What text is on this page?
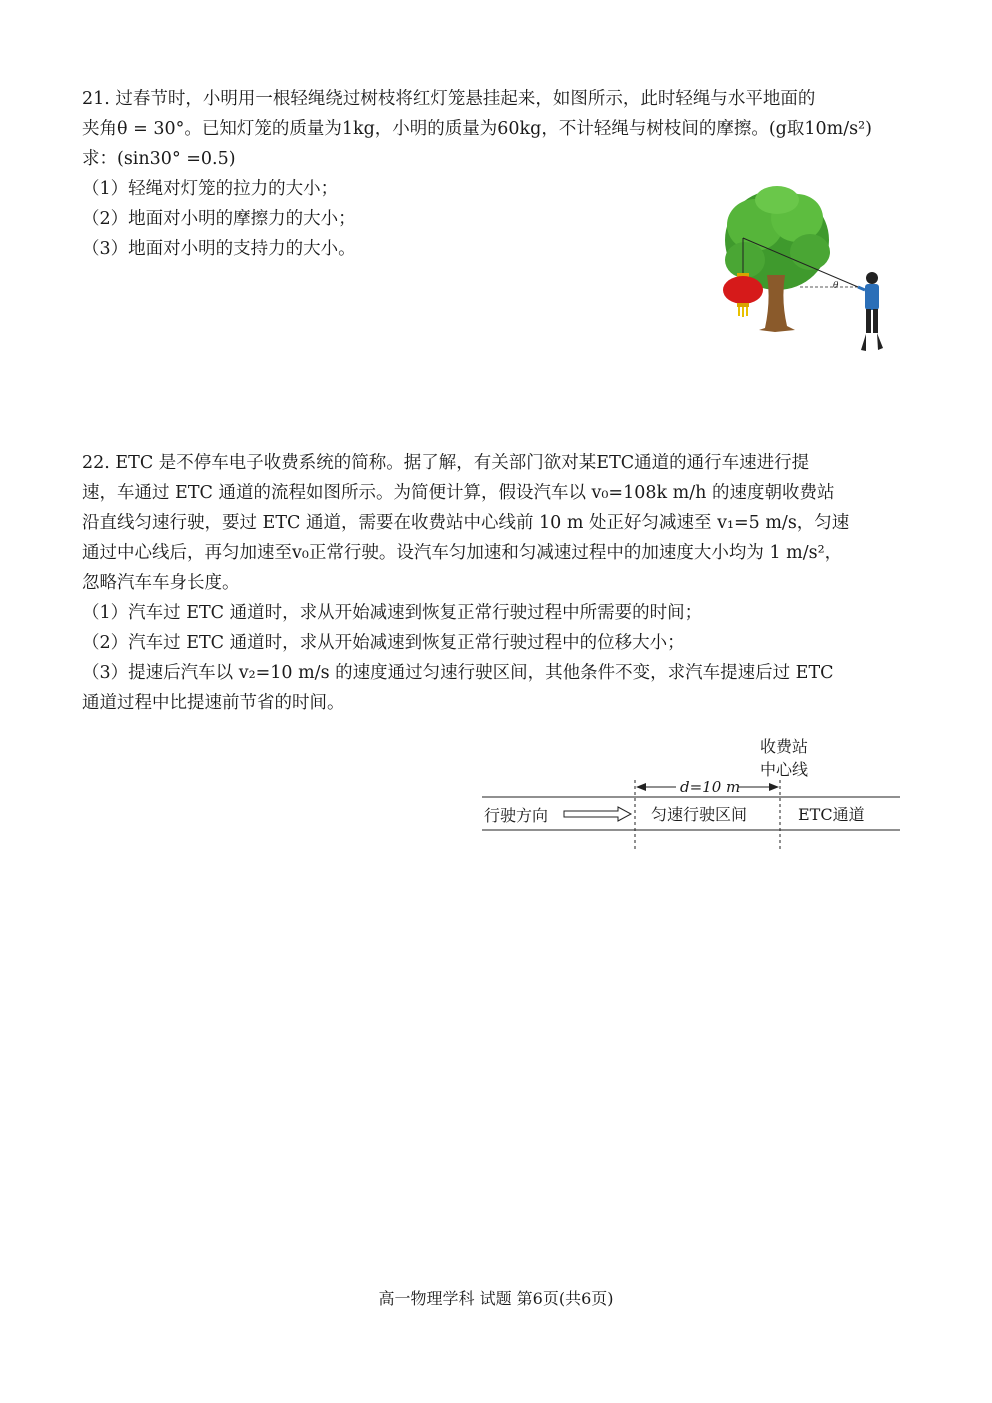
21. 过春节时，小明用一根轻绳绕过树枝将红灯笼悬挂起来，如图所示，此时轻绳与水平地面的
夹角θ = 30°。已知灯笼的质量为1kg，小明的质量为60kg，不计轻绳与树枝间的摩擦。(g取10m/s²)
求：(sin30° =0.5)
（1）轻绳对灯笼的拉力的大小；
（2）地面对小明的摩擦力的大小；
（3）地面对小明的支持力的大小。
θ
22. ETC 是不停车电子收费系统的简称。据了解，有关部门欲对某ETC通道的通行车速进行提
速，车通过 ETC 通道的流程如图所示。为简便计算，假设汽车以 v₀=108k m/h 的速度朝收费站
沿直线匀速行驶，要过 ETC 通道，需要在收费站中心线前 10 m 处正好匀减速至 v₁=5 m/s，匀速
通过中心线后，再匀加速至v₀正常行驶。设汽车匀加速和匀减速过程中的加速度大小均为 1 m/s²，
忽略汽车车身长度。
（1）汽车过 ETC 通道时，求从开始减速到恢复正常行驶过程中所需要的时间；
（2）汽车过 ETC 通道时，求从开始减速到恢复正常行驶过程中的位移大小；
（3）提速后汽车以 v₂=10 m/s 的速度通过匀速行驶区间，其他条件不变，求汽车提速后过 ETC
通道过程中比提速前节省的时间。
收费站
中心线
d=10 m
行驶方向	匀速行驶区间	ETC通道
高一物理学科 试题 第6页(共6页)
